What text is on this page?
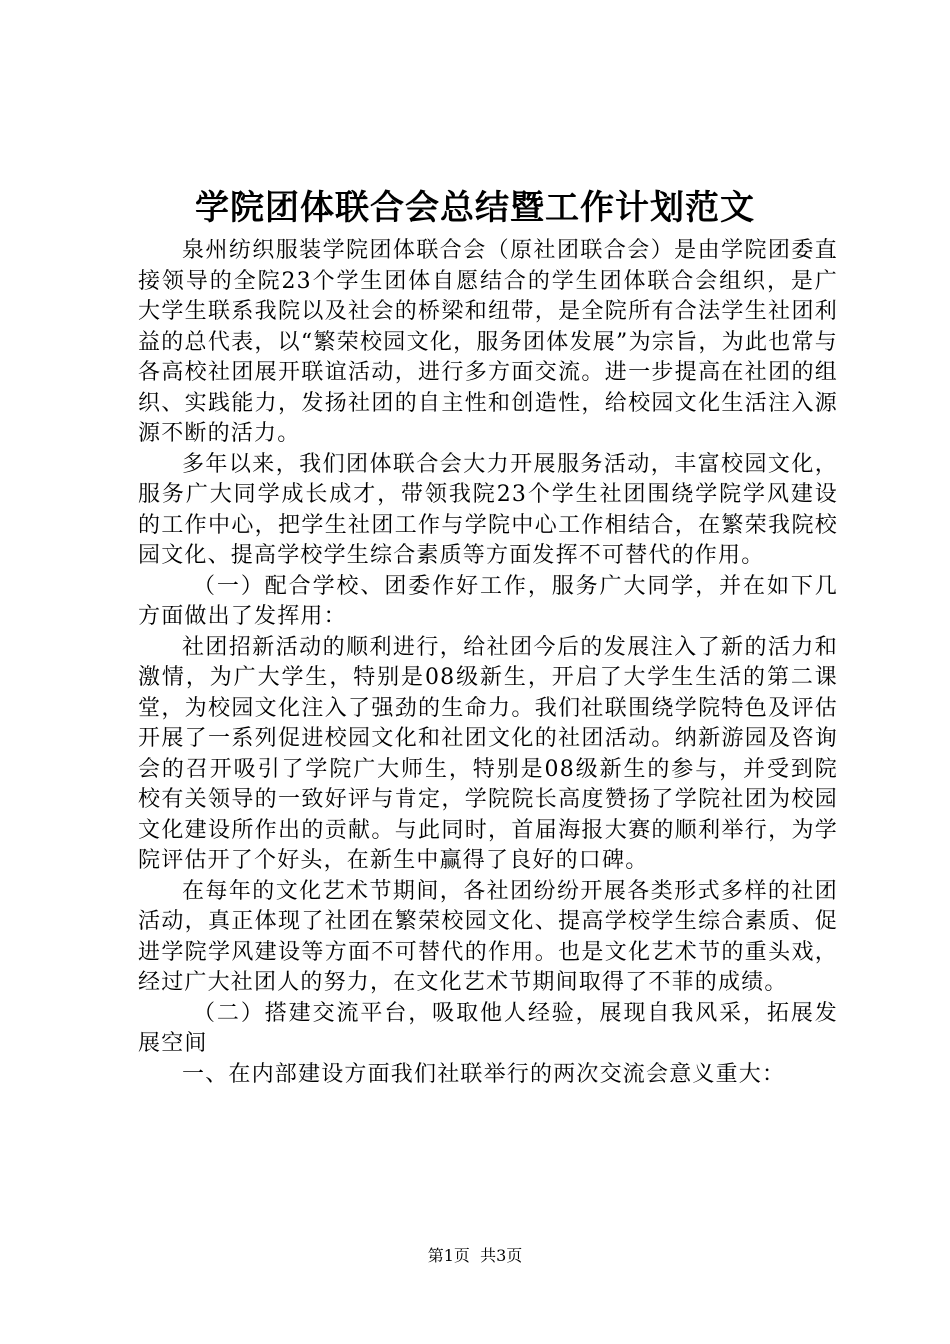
学院团体联合会总结暨工作计划范文

泉州纺织服装学院团体联合会（原社团联合会）是由学院团委直接领导的全院23个学生团体自愿结合的学生团体联合会组织，是广大学生联系我院以及社会的桥梁和纽带，是全院所有合法学生社团利益的总代表，以“繁荣校园文化，服务团体发展”为宗旨，为此也常与各高校社团展开联谊活动，进行多方面交流。进一步提高在社团的组织、实践能力，发扬社团的自主性和创造性，给校园文化生活注入源源不断的活力。

多年以来，我们团体联合会大力开展服务活动，丰富校园文化，服务广大同学成长成才，带领我院23个学生社团围绕学院学风建设的工作中心，把学生社团工作与学院中心工作相结合，在繁荣我院校园文化、提高学校学生综合素质等方面发挥不可替代的作用。

（一）配合学校、团委作好工作，服务广大同学，并在如下几方面做出了发挥用：

社团招新活动的顺利进行，给社团今后的发展注入了新的活力和激情，为广大学生，特别是08级新生，开启了大学生生活的第二课堂，为校园文化注入了强劲的生命力。我们社联围绕学院特色及评估开展了一系列促进校园文化和社团文化的社团活动。纳新游园及咨询会的召开吸引了学院广大师生，特别是08级新生的参与，并受到院校有关领导的一致好评与肯定，学院院长高度赞扬了学院社团为校园文化建设所作出的贡献。与此同时，首届海报大赛的顺利举行，为学院评估开了个好头，在新生中赢得了良好的口碑。

在每年的文化艺术节期间，各社团纷纷开展各类形式多样的社团活动，真正体现了社团在繁荣校园文化、提高学校学生综合素质、促进学院学风建设等方面不可替代的作用。也是文化艺术节的重头戏，经过广大社团人的努力，在文化艺术节期间取得了不菲的成绩。

（二）搭建交流平台，吸取他人经验，展现自我风采，拓展发展空间

一、在内部建设方面我们社联举行的两次交流会意义重大：

第1页 共3页
